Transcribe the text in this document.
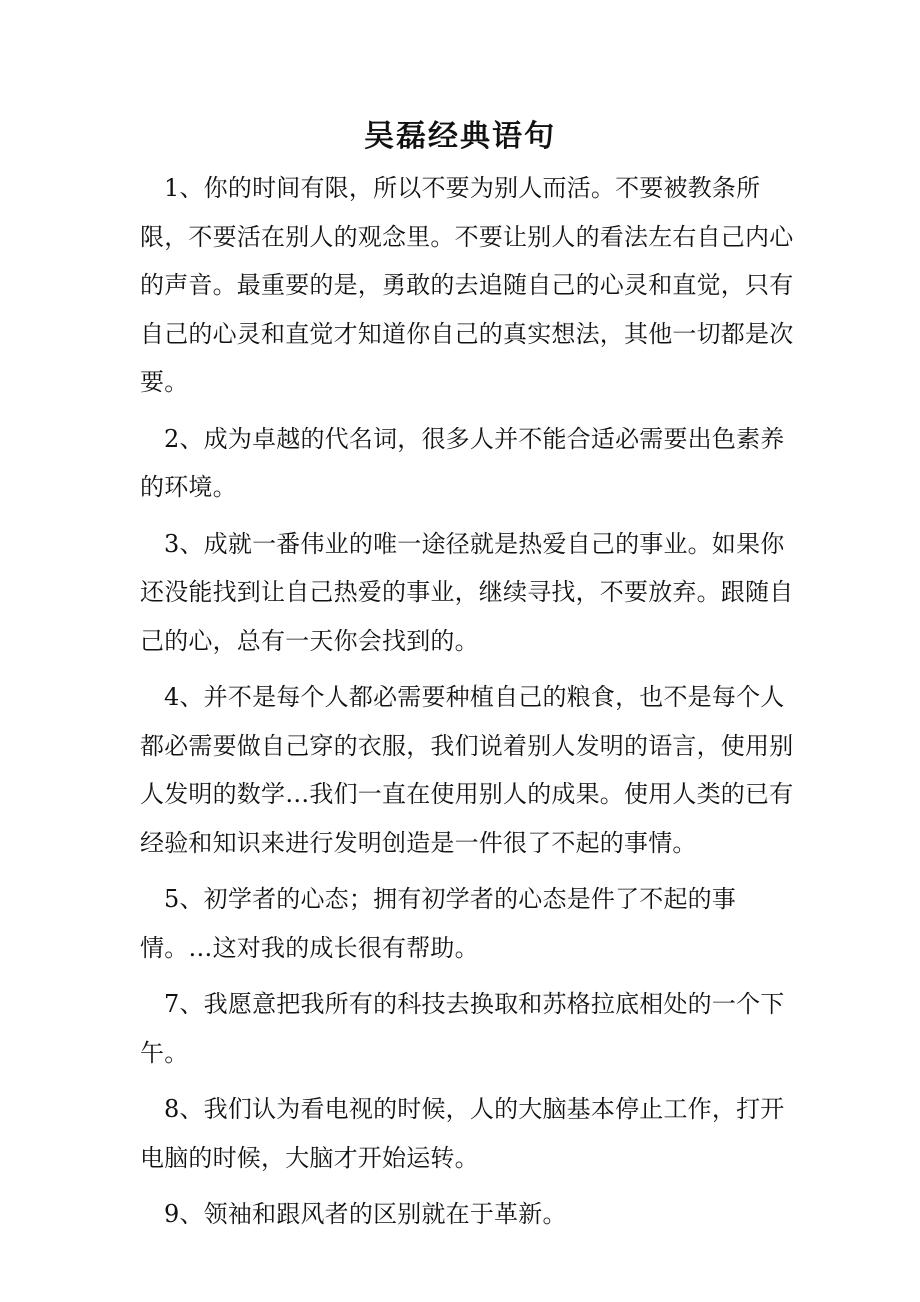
吴磊经典语句

1、你的时间有限，所以不要为别人而活。不要被教条所限，不要活在别人的观念里。不要让别人的看法左右自己内心的声音。最重要的是，勇敢的去追随自己的心灵和直觉，只有自己的心灵和直觉才知道你自己的真实想法，其他一切都是次要。

2、成为卓越的代名词，很多人并不能合适必需要出色素养的环境。

3、成就一番伟业的唯一途径就是热爱自己的事业。如果你还没能找到让自己热爱的事业，继续寻找，不要放弃。跟随自己的心，总有一天你会找到的。

4、并不是每个人都必需要种植自己的粮食，也不是每个人都必需要做自己穿的衣服，我们说着别人发明的语言，使用别人发明的数学…我们一直在使用别人的成果。使用人类的已有经验和知识来进行发明创造是一件很了不起的事情。

5、初学者的心态；拥有初学者的心态是件了不起的事情。…这对我的成长很有帮助。

7、我愿意把我所有的科技去换取和苏格拉底相处的一个下午。

8、我们认为看电视的时候，人的大脑基本停止工作，打开电脑的时候，大脑才开始运转。

9、领袖和跟风者的区别就在于革新。
